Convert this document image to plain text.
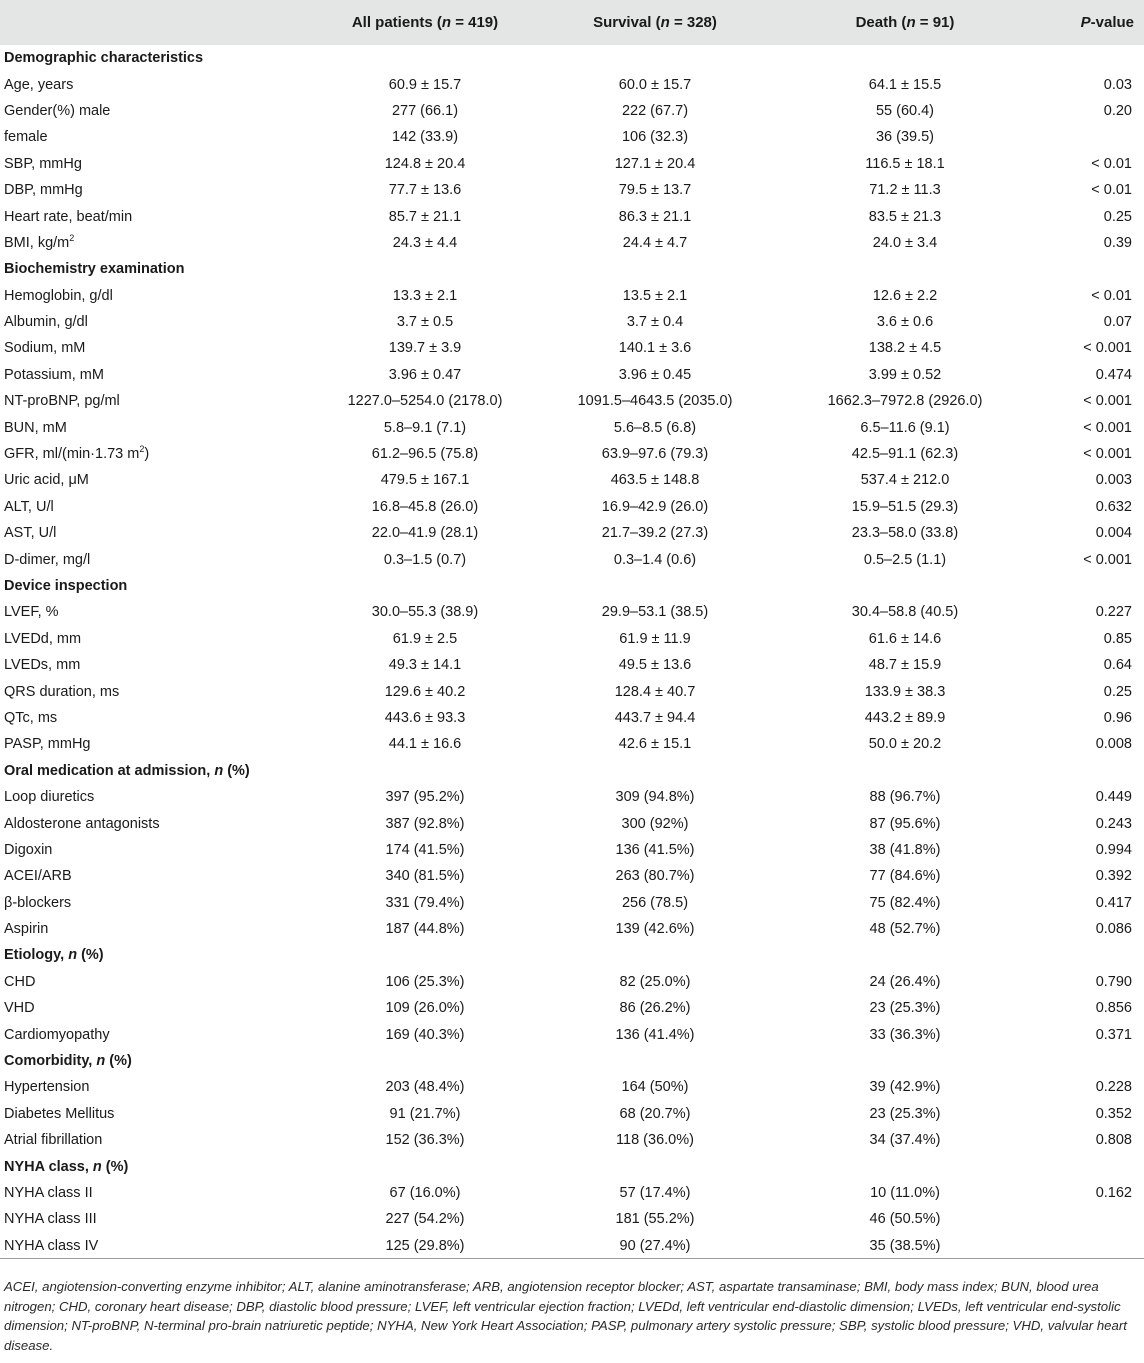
	All patients (n = 419)	Survival (n = 328)	Death (n = 91)	P-value
Demographic characteristics				
Age, years	60.9 ± 15.7	60.0 ± 15.7	64.1 ± 15.5	0.03
Gender(%) male	277 (66.1)	222 (67.7)	55 (60.4)	0.20
female	142 (33.9)	106 (32.3)	36 (39.5)	
SBP, mmHg	124.8 ± 20.4	127.1 ± 20.4	116.5 ± 18.1	< 0.01
DBP, mmHg	77.7 ± 13.6	79.5 ± 13.7	71.2 ± 11.3	< 0.01
Heart rate, beat/min	85.7 ± 21.1	86.3 ± 21.1	83.5 ± 21.3	0.25
BMI, $kg/m^2$	24.3 ± 4.4	24.4 ± 4.7	24.0 ± 3.4	0.39
Biochemistry examination				
Hemoglobin, g/dl	13.3 ± 2.1	13.5 ± 2.1	12.6 ± 2.2	< 0.01
Albumin, g/dl	3.7 ± 0.5	3.7 ± 0.4	3.6 ± 0.6	0.07
Sodium, mM	139.7 ± 3.9	140.1 ± 3.6	138.2 ± 4.5	< 0.001
Potassium, mM	3.96 ± 0.47	3.96 ± 0.45	3.99 ± 0.52	0.474
NT-proBNP, pg/ml	1227.0–5254.0 (2178.0)	1091.5–4643.5 (2035.0)	1662.3–7972.8 (2926.0)	< 0.001
BUN, mM	5.8–9.1 (7.1)	5.6–8.5 (6.8)	6.5–11.6 (9.1)	< 0.001
GFR, ml/(min·1.73 $m^2$)	61.2–96.5 (75.8)	63.9–97.6 (79.3)	42.5–91.1 (62.3)	< 0.001
Uric acid, μM	479.5 ± 167.1	463.5 ± 148.8	537.4 ± 212.0	0.003
ALT, U/l	16.8–45.8 (26.0)	16.9–42.9 (26.0)	15.9–51.5 (29.3)	0.632
AST, U/l	22.0–41.9 (28.1)	21.7–39.2 (27.3)	23.3–58.0 (33.8)	0.004
D-dimer, mg/l	0.3–1.5 (0.7)	0.3–1.4 (0.6)	0.5–2.5 (1.1)	< 0.001
Device inspection				
LVEF, %	30.0–55.3 (38.9)	29.9–53.1 (38.5)	30.4–58.8 (40.5)	0.227
LVEDd, mm	61.9 ± 2.5	61.9 ± 11.9	61.6 ± 14.6	0.85
LVEDs, mm	49.3 ± 14.1	49.5 ± 13.6	48.7 ± 15.9	0.64
QRS duration, ms	129.6 ± 40.2	128.4 ± 40.7	133.9 ± 38.3	0.25
QTc, ms	443.6 ± 93.3	443.7 ± 94.4	443.2 ± 89.9	0.96
PASP, mmHg	44.1 ± 16.6	42.6 ± 15.1	50.0 ± 20.2	0.008
Oral medication at admission, n (%)				
Loop diuretics	397 (95.2%)	309 (94.8%)	88 (96.7%)	0.449
Aldosterone antagonists	387 (92.8%)	300 (92%)	87 (95.6%)	0.243
Digoxin	174 (41.5%)	136 (41.5%)	38 (41.8%)	0.994
ACEI/ARB	340 (81.5%)	263 (80.7%)	77 (84.6%)	0.392
β-blockers	331 (79.4%)	256 (78.5)	75 (82.4%)	0.417
Aspirin	187 (44.8%)	139 (42.6%)	48 (52.7%)	0.086
Etiology, n (%)				
CHD	106 (25.3%)	82 (25.0%)	24 (26.4%)	0.790
VHD	109 (26.0%)	86 (26.2%)	23 (25.3%)	0.856
Cardiomyopathy	169 (40.3%)	136 (41.4%)	33 (36.3%)	0.371
Comorbidity, n (%)				
Hypertension	203 (48.4%)	164 (50%)	39 (42.9%)	0.228
Diabetes Mellitus	91 (21.7%)	68 (20.7%)	23 (25.3%)	0.352
Atrial fibrillation	152 (36.3%)	118 (36.0%)	34 (37.4%)	0.808
NYHA class, n (%)				
NYHA class II	67 (16.0%)	57 (17.4%)	10 (11.0%)	0.162
NYHA class III	227 (54.2%)	181 (55.2%)	46 (50.5%)	
NYHA class IV	125 (29.8%)	90 (27.4%)	35 (38.5%)	
ACEI, angiotension-converting enzyme inhibitor; ALT, alanine aminotransferase; ARB, angiotension receptor blocker; AST, aspartate transaminase; BMI, body mass index; BUN, blood urea nitrogen; CHD, coronary heart disease; DBP, diastolic blood pressure; LVEF, left ventricular ejection fraction; LVEDd, left ventricular end-diastolic dimension; LVEDs, left ventricular end-systolic dimension; NT-proBNP, N-terminal pro-brain natriuretic peptide; NYHA, New York Heart Association; PASP, pulmonary artery systolic pressure; SBP, systolic blood pressure; VHD, valvular heart disease.
